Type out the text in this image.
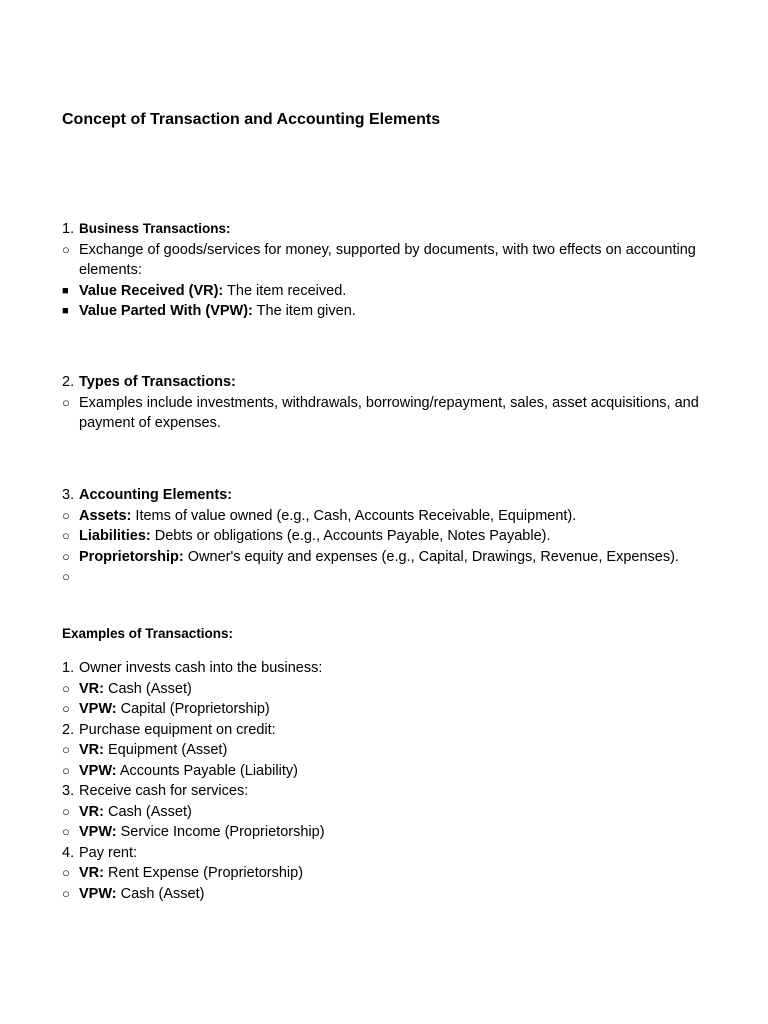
Concept of Transaction and Accounting Elements
1. Business Transactions:
○ Exchange of goods/services for money, supported by documents, with two effects on accounting elements:
■ Value Received (VR): The item received.
■ Value Parted With (VPW): The item given.
2. Types of Transactions:
○ Examples include investments, withdrawals, borrowing/repayment, sales, asset acquisitions, and payment of expenses.
3. Accounting Elements:
○ Assets: Items of value owned (e.g., Cash, Accounts Receivable, Equipment).
○ Liabilities: Debts or obligations (e.g., Accounts Payable, Notes Payable).
○ Proprietorship: Owner's equity and expenses (e.g., Capital, Drawings, Revenue, Expenses).
○
Examples of Transactions:
1. Owner invests cash into the business:
○ VR: Cash (Asset)
○ VPW: Capital (Proprietorship)
2. Purchase equipment on credit:
○ VR: Equipment (Asset)
○ VPW: Accounts Payable (Liability)
3. Receive cash for services:
○ VR: Cash (Asset)
○ VPW: Service Income (Proprietorship)
4. Pay rent:
○ VR: Rent Expense (Proprietorship)
○ VPW: Cash (Asset)
